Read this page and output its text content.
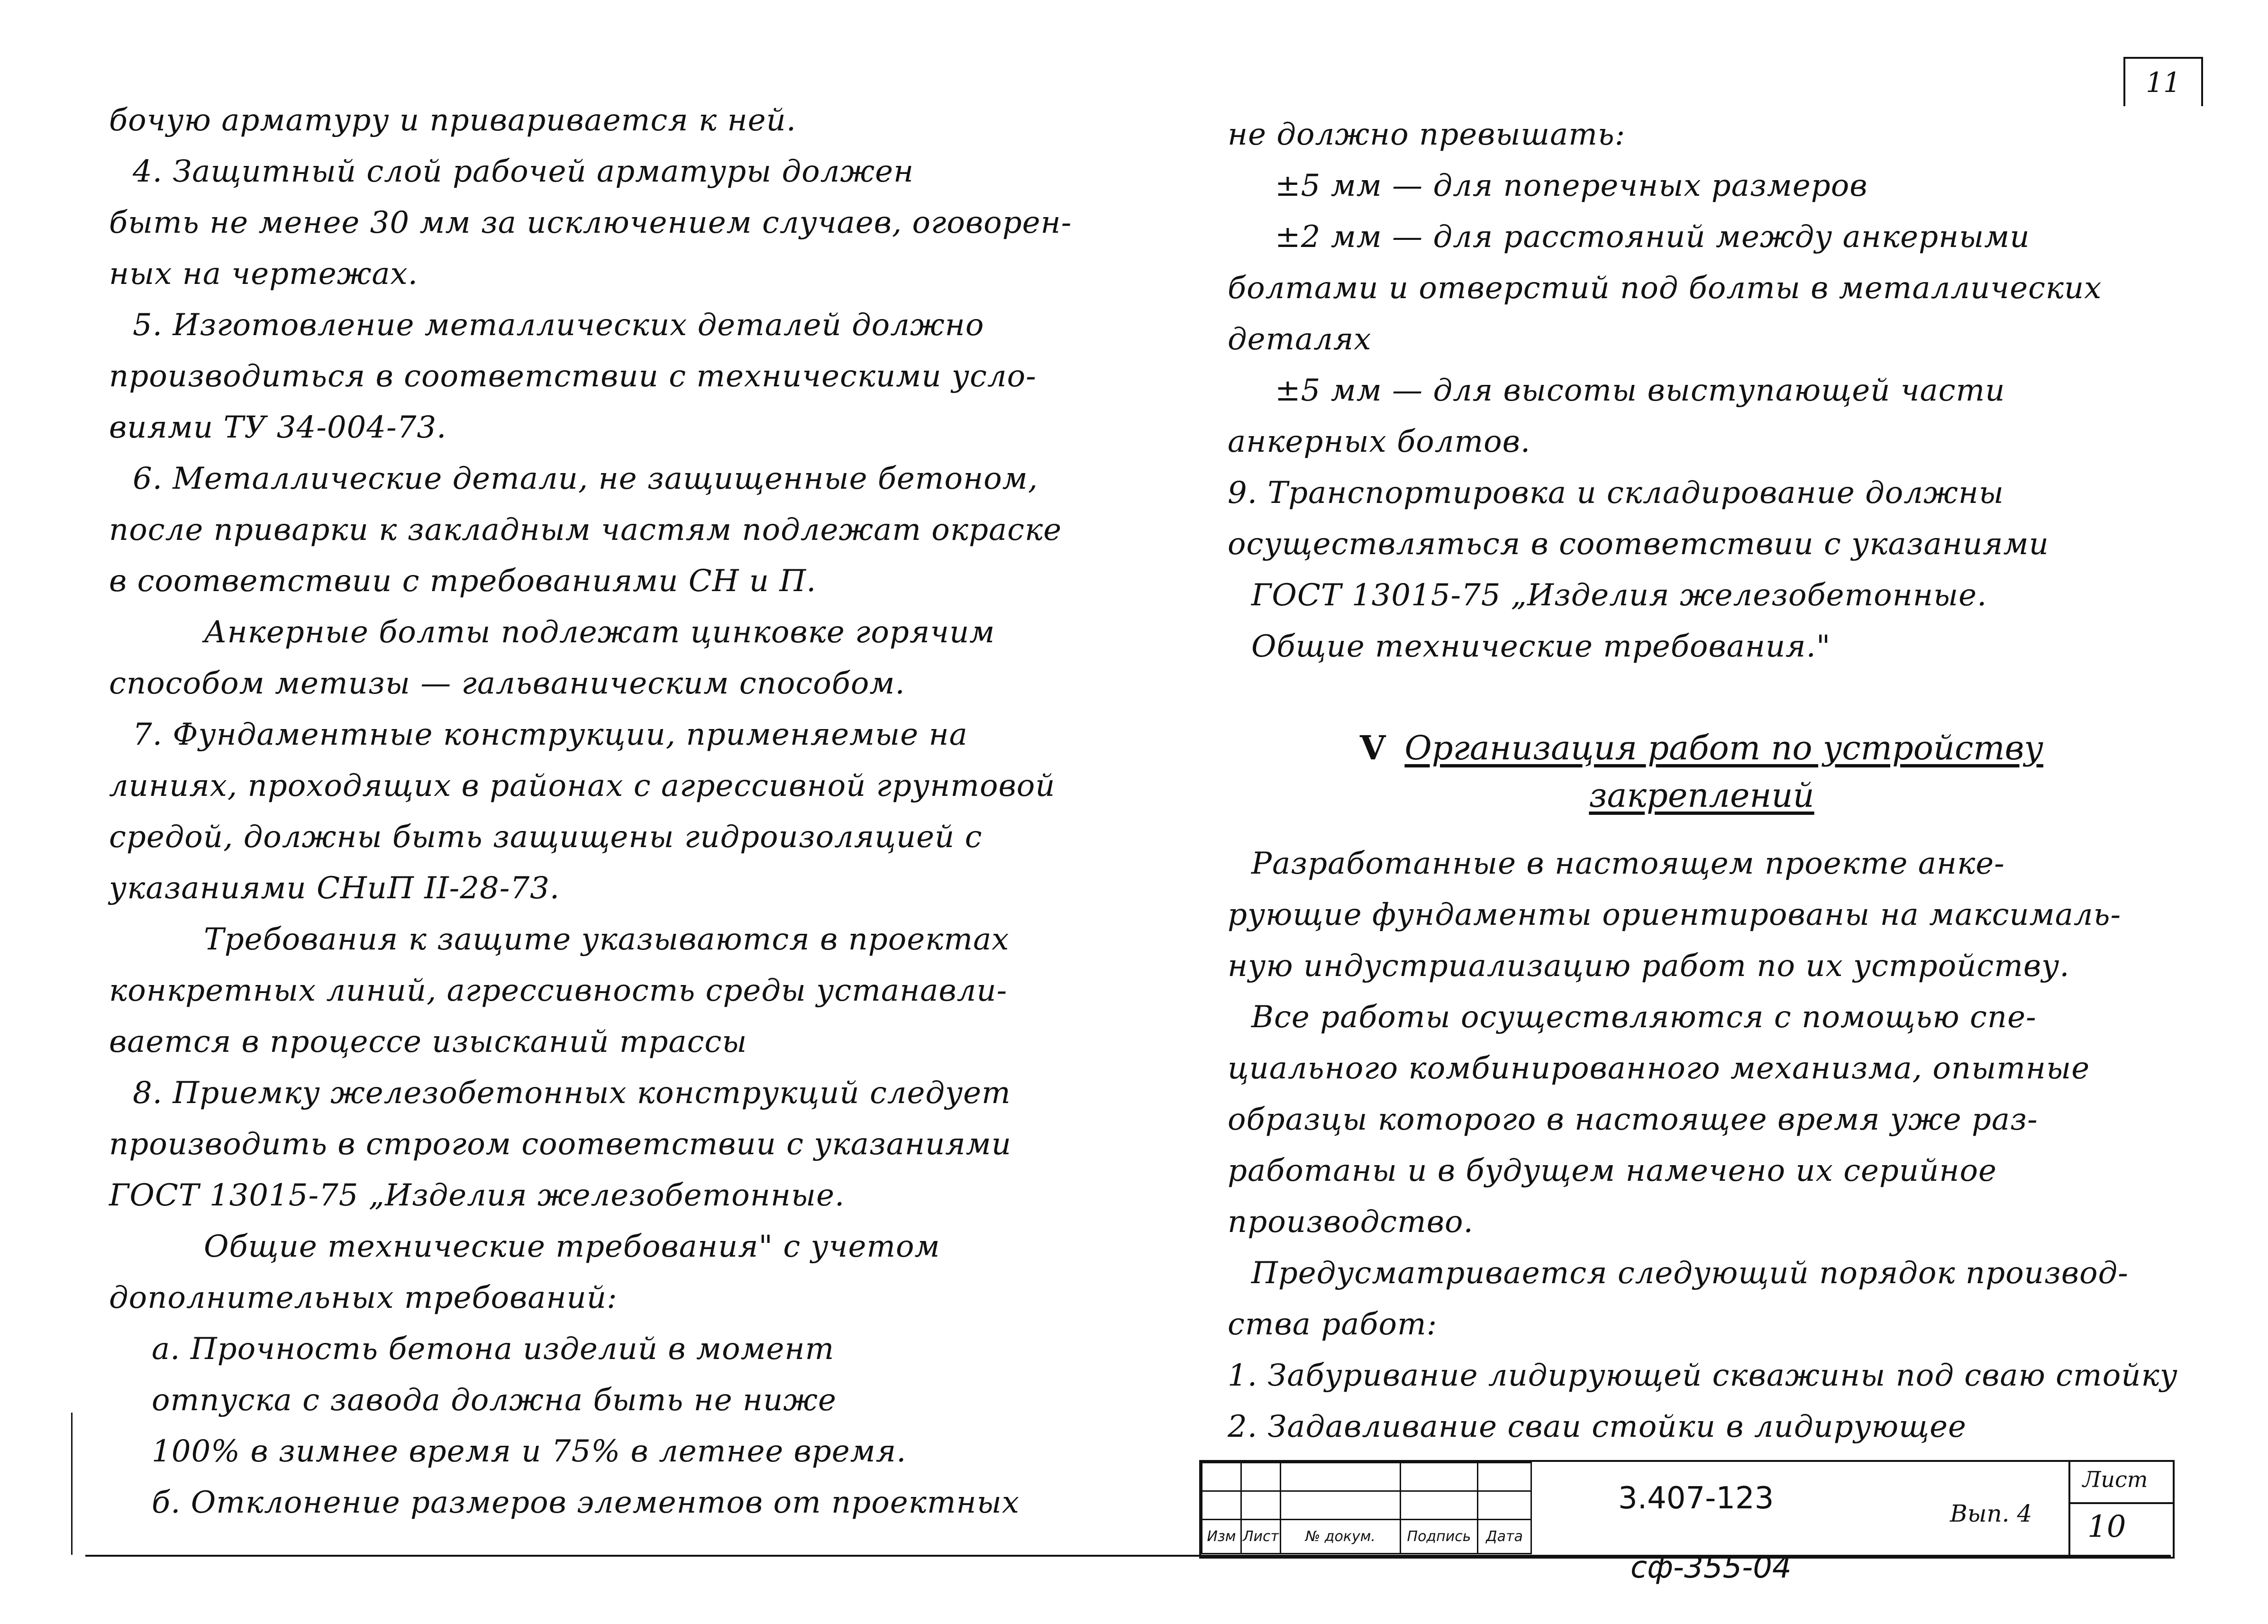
11
бочую арматуру и приваривается к ней.
4. Защитный слой рабочей арматуры должен
быть не менее 30 мм за исключением случаев, оговорен-
ных на чертежах.
5. Изготовление металлических деталей должно
производиться в соответствии с техническими усло-
виями ТУ 34-004-73.
6. Металлические детали, не защищенные бетоном,
после приварки к закладным частям подлежат окраске
в соответствии с требованиями СН и П.
Анкерные болты подлежат цинковке горячим
способом метизы — гальваническим способом.
7. Фундаментные конструкции, применяемые на
линиях, проходящих в районах с агрессивной грунтовой
средой, должны быть защищены гидроизоляцией с
указаниями СНиП II-28-73.
Требования к защите указываются в проектах
конкретных линий, агрессивность среды устанавли-
вается в процессе изысканий трассы
8. Приемку железобетонных конструкций следует
производить в строгом соответствии с указаниями
ГОСТ 13015-75 „Изделия железобетонные.
Общие технические требования" с учетом
дополнительных требований:
а. Прочность бетона изделий в момент
отпуска с завода должна быть не ниже
100% в зимнее время и 75% в летнее время.
б. Отклонение размеров элементов от проектных
не должно превышать:
±5 мм — для поперечных размеров
±2 мм — для расстояний между анкерными
болтами и отверстий под болты в металлических
деталях
±5 мм — для высоты выступающей части
анкерных болтов.
9. Транспортировка и складирование должны
осуществляться в соответствии с указаниями
ГОСТ 13015-75 „Изделия железобетонные.
Общие технические требования."
V Организация работ по устройству
закреплений
Разработанные в настоящем проекте анке-
рующие фундаменты ориентированы на максималь-
ную индустриализацию работ по их устройству.
Все работы осуществляются с помощью спе-
циального комбинированного механизма, опытные
образцы которого в настоящее время уже раз-
работаны и в будущем намечено их серийное
производство.
Предусматривается следующий порядок производ-
ства работ:
1. Забуривание лидирующей скважины под сваю стойку
2. Задавливание сваи стойки в лидирующее

Изм	Лист	№ докум.	Подпись	Дата
3.407-123	Вып. 4
Лист
10
сф-355-04
